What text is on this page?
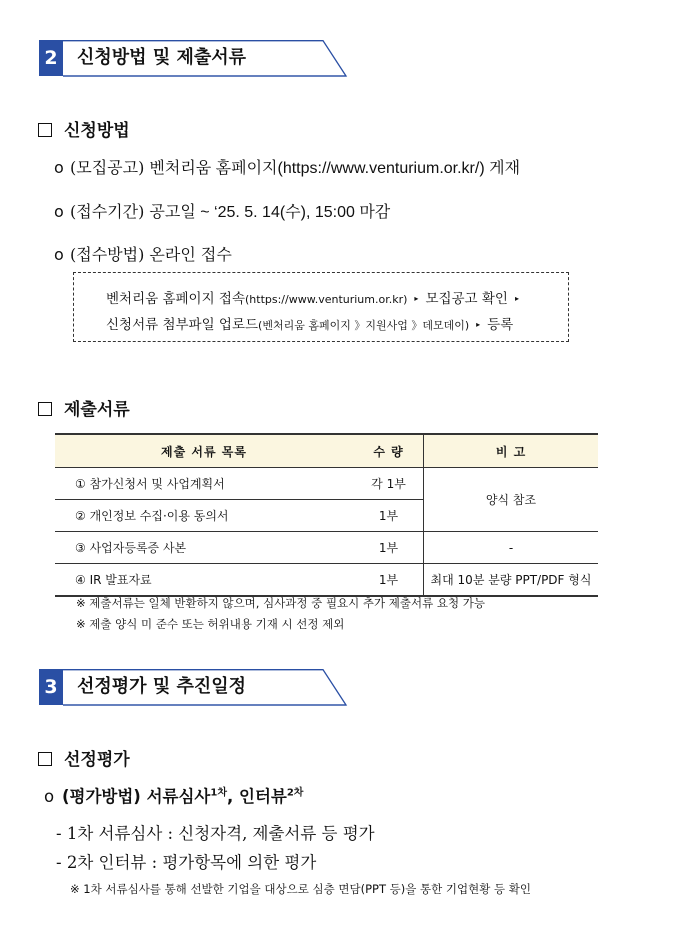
2 신청방법 및 제출서류
신청방법
o (모집공고) 벤처리움 홈페이지(https://www.venturium.or.kr/) 게재
o (접수기간) 공고일 ~ ‘25. 5. 14(수), 15:00 마감
o (접수방법) 온라인 접수
벤처리움 홈페이지 접속(https://www.venturium.or.kr) ▸ 모집공고 확인 ▸
신청서류 첨부파일 업로드(벤처리움 홈페이지 》지원사업 》데모데이) ▸ 등록
제출서류
제출 서류 목록	수 량	비 고
① 참가신청서 및 사업계획서	각 1부	양식 참조
② 개인정보 수집·이용 동의서	1부	
③ 사업자등록증 사본	1부	-
④ IR 발표자료	1부	최대 10분 분량 PPT/PDF 형식
※ 제출서류는 일체 반환하지 않으며, 심사과정 중 필요시 추가 제출서류 요청 가능
※ 제출 양식 미 준수 또는 허위내용 기재 시 선정 제외
3 선정평가 및 추진일정
선정평가
o (평가방법) 서류심사$^{1차}$, 인터뷰$^{2차}$
- 1차 서류심사 : 신청자격, 제출서류 등 평가
- 2차 인터뷰 : 평가항목에 의한 평가
※ 1차 서류심사를 통해 선발한 기업을 대상으로 심층 면담(PPT 등)을 통한 기업현황 등 확인
